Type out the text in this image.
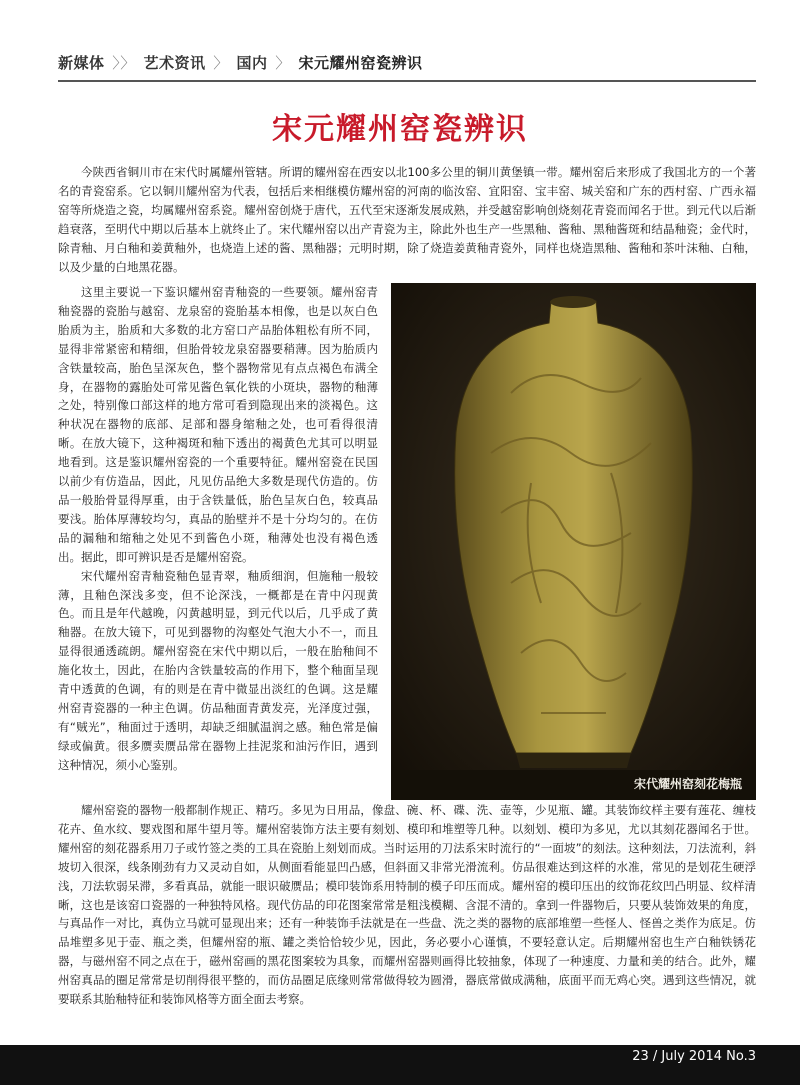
新媒体 〉〉 艺术资讯 〉 国内 〉 宋元耀州窑瓷辨识
宋元耀州窑瓷辨识

今陕西省铜川市在宋代时属耀州管辖。所谓的耀州窑在西安以北100多公里的铜川黄堡镇一带。耀州窑后来形成了我国北方的一个著名的青瓷窑系。它以铜川耀州窑为代表，包括后来相继模仿耀州窑的河南的临汝窑、宜阳窑、宝丰窑、城关窑和广东的西村窑、广西永福窑等所烧造之瓷，均属耀州窑系瓷。耀州窑创烧于唐代，五代至宋逐渐发展成熟，并受越窑影响创烧刻花青瓷而闻名于世。到元代以后渐趋衰落，至明代中期以后基本上就终止了。宋代耀州窑以出产青瓷为主，除此外也生产一些黑釉、酱釉、黑釉酱斑和结晶釉瓷；金代时，除青釉、月白釉和姜黄釉外，也烧造上述的酱、黑釉器；元明时期，除了烧造姜黄釉青瓷外，同样也烧造黑釉、酱釉和茶叶沫釉、白釉，以及少量的白地黑花器。

这里主要说一下鉴识耀州窑青釉瓷的一些要领。耀州窑青釉瓷器的瓷胎与越窑、龙泉窑的瓷胎基本相像，也是以灰白色胎质为主，胎质和大多数的北方窑口产品胎体粗松有所不同，显得非常紧密和精细，但胎骨较龙泉窑器要稍薄。因为胎质内含铁量较高，胎色呈深灰色，整个器物常见有点点褐色布满全身，在器物的露胎处可常见酱色氧化铁的小斑块，器物的釉薄之处，特别像口部这样的地方常可看到隐现出来的淡褐色。这种状况在器物的底部、足部和器身缩釉之处，也可看得很清晰。在放大镜下，这种褐斑和釉下透出的褐黄色尤其可以明显地看到。这是鉴识耀州窑瓷的一个重要特征。耀州窑瓷在民国以前少有仿造品，因此，凡见仿品绝大多数是现代仿造的。仿品一般胎骨显得厚重，由于含铁量低，胎色呈灰白色，较真品要浅。胎体厚薄较均匀，真品的胎壁并不是十分均匀的。在仿品的漏釉和缩釉之处见不到酱色小斑，釉薄处也没有褐色透出。据此，即可辨识是否是耀州窑瓷。

宋代耀州窑青釉瓷釉色显青翠，釉质细润，但施釉一般较薄，且釉色深浅多变，但不论深浅，一概都是在青中闪现黄色。而且是年代越晚，闪黄越明显，到元代以后，几乎成了黄釉器。在放大镜下，可见到器物的沟壑处气泡大小不一，而且显得很通透疏朗。耀州窑瓷在宋代中期以后，一般在胎釉间不施化妆土，因此，在胎内含铁量较高的作用下，整个釉面呈现青中透黄的色调，有的则是在青中微显出淡红的色调。这是耀州窑青瓷器的一种主色调。仿品釉面青黄发亮，光泽度过强，有“贼光”，釉面过于透明，却缺乏细腻温润之感。釉色常是偏绿或偏黄。很多赝卖赝品常在器物上挂泥浆和油污作旧，遇到这种情况，须小心鉴别。

宋代耀州窑刻花梅瓶

耀州窑瓷的器物一般都制作规正、精巧。多见为日用品，像盘、碗、杯、碟、洗、壶等，少见瓶、罐。其装饰纹样主要有莲花、缠枝花卉、鱼水纹、婴戏图和犀牛望月等。耀州窑装饰方法主要有刻划、模印和堆塑等几种。以刻划、模印为多见，尤以其刻花器闻名于世。耀州窑的刻花器系用刀子或竹签之类的工具在瓷胎上刻划而成。当时运用的刀法系宋时流行的“一面坡”的刻法。这种刻法，刀法流利，斜坡切入很深，线条刚劲有力又灵动自如，从侧面看能显凹凸感，但斜面又非常光滑流利。仿品很难达到这样的水准，常见的是划花生硬浮浅，刀法软弱呆滞，多看真品，就能一眼识破赝品；模印装饰系用特制的模子印压而成。耀州窑的模印压出的纹饰花纹凹凸明显、纹样清晰，这也是该窑口瓷器的一种独特风格。现代仿品的印花图案常常是粗浅模糊、含混不清的。拿到一件器物后，只要从装饰效果的角度，与真品作一对比，真伪立马就可显现出来；还有一种装饰手法就是在一些盘、洗之类的器物的底部堆塑一些怪人、怪兽之类作为底足。仿品堆塑多见于壶、瓶之类，但耀州窑的瓶、罐之类恰恰较少见，因此，务必要小心谨慎，不要轻意认定。后期耀州窑也生产白釉铁锈花器，与磁州窑不同之点在于，磁州窑画的黑花图案较为具象，而耀州窑器则画得比较抽象，体现了一种速度、力量和美的结合。此外，耀州窑真品的圈足常常是切削得很平整的，而仿品圈足底缘则常常做得较为圆滑，器底常做成满釉，底面平而无鸡心突。遇到这些情况，就要联系其胎釉特征和装饰风格等方面全面去考察。

23 / July 2014 No.3
